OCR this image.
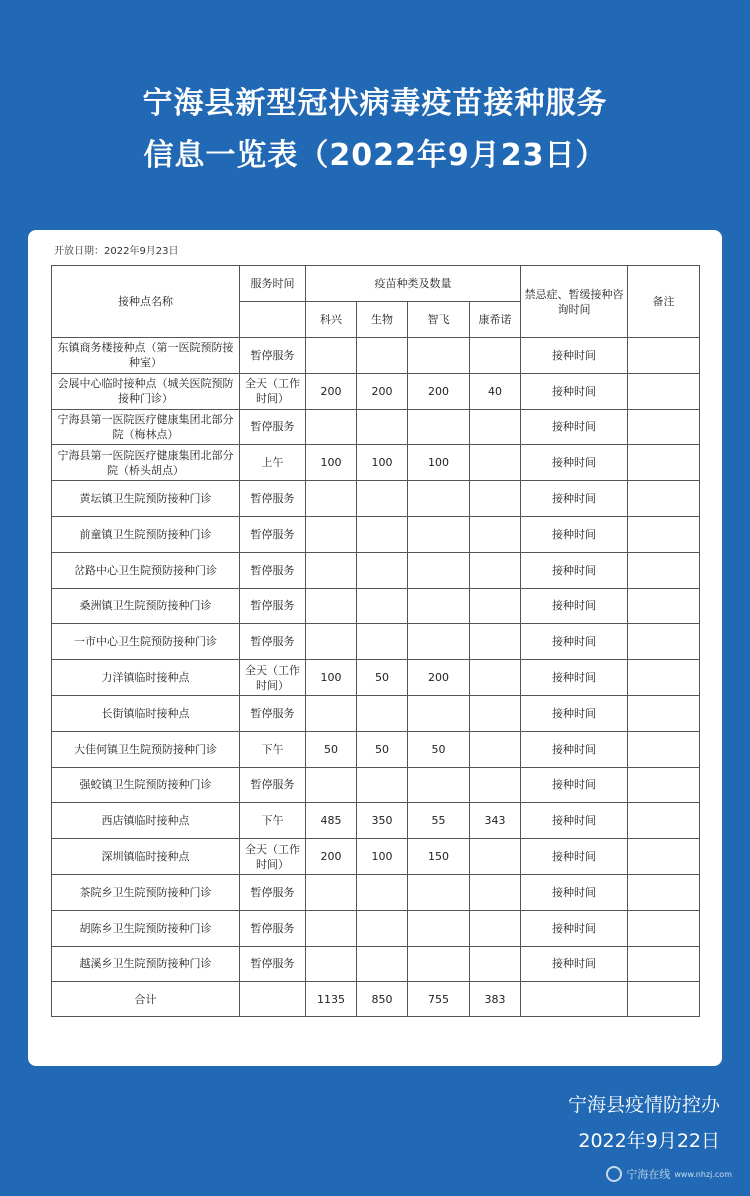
宁海县新型冠状病毒疫苗接种服务
信息一览表（2022年9月23日）
开放日期：2022年9月23日
接种点名称	服务时间	疫苗种类及数量				禁忌症、暂缓接种咨询时间	备注
		科兴	生物	智飞	康希诺		
东镇商务楼接种点（第一医院预防接种室）	暂停服务					接种时间	
会展中心临时接种点（城关医院预防接种门诊）	全天（工作时间）	200	200	200	40	接种时间	
宁海县第一医院医疗健康集团北部分院（梅林点）	暂停服务					接种时间	
宁海县第一医院医疗健康集团北部分院（桥头胡点）	上午	100	100	100		接种时间	
黄坛镇卫生院预防接种门诊	暂停服务					接种时间	
前童镇卫生院预防接种门诊	暂停服务					接种时间	
岔路中心卫生院预防接种门诊	暂停服务					接种时间	
桑洲镇卫生院预防接种门诊	暂停服务					接种时间	
一市中心卫生院预防接种门诊	暂停服务					接种时间	
力洋镇临时接种点	全天（工作时间）	100	50	200		接种时间	
长街镇临时接种点	暂停服务					接种时间	
大佳何镇卫生院预防接种门诊	下午	50	50	50		接种时间	
强蛟镇卫生院预防接种门诊	暂停服务					接种时间	
西店镇临时接种点	下午	485	350	55	343	接种时间	
深圳镇临时接种点	全天（工作时间）	200	100	150		接种时间	
茶院乡卫生院预防接种门诊	暂停服务					接种时间	
胡陈乡卫生院预防接种门诊	暂停服务					接种时间	
越溪乡卫生院预防接种门诊	暂停服务					接种时间	
合计		1135	850	755	383		
宁海县疫情防控办
2022年9月22日
宁海在线 www.nhzj.com
